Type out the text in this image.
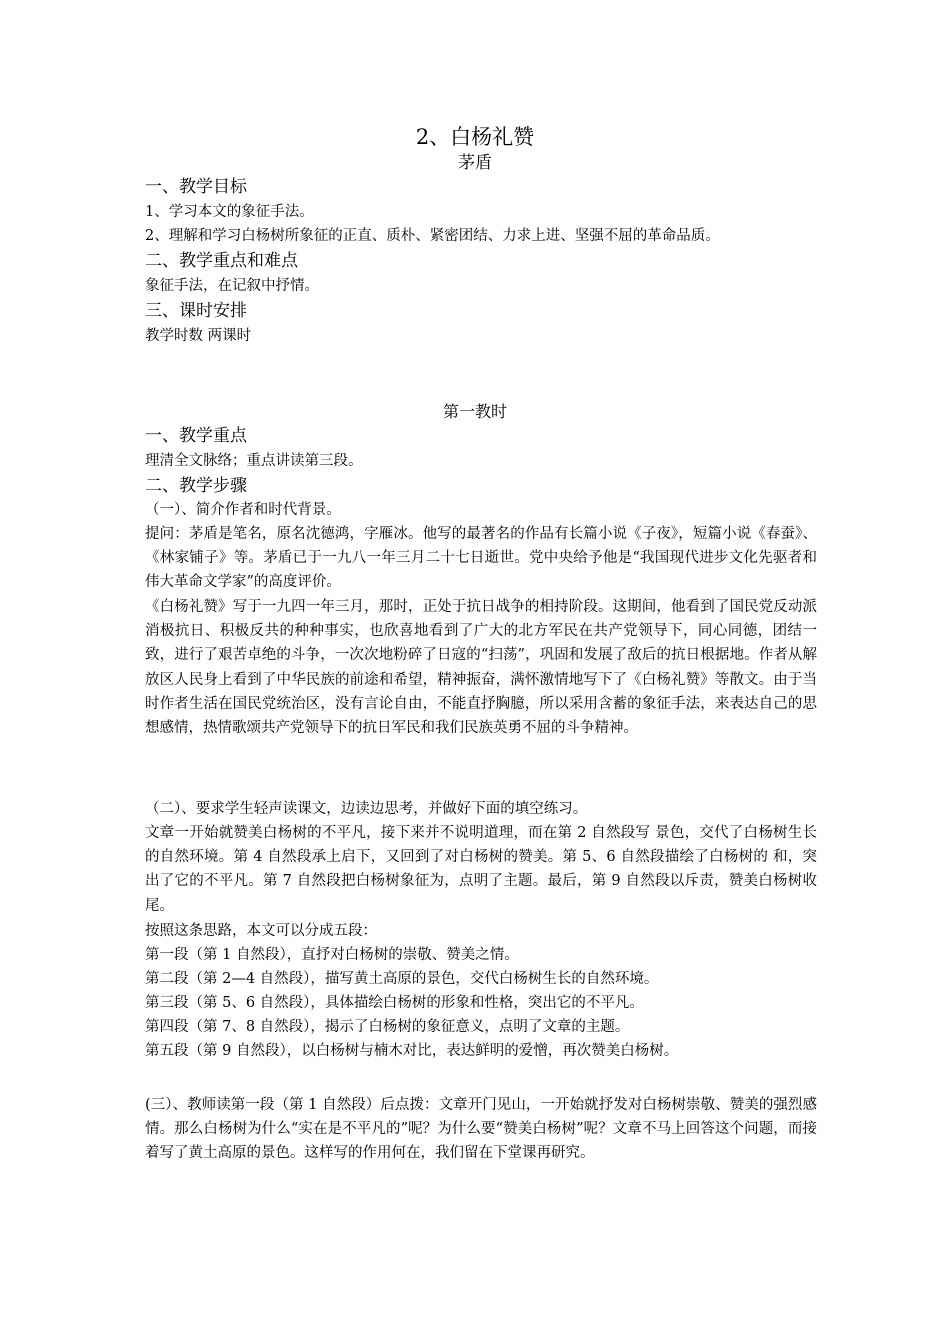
2、白杨礼赞
茅盾
一、教学目标
1、学习本文的象征手法。
2、理解和学习白杨树所象征的正直、质朴、紧密团结、力求上进、坚强不屈的革命品质。
二、教学重点和难点
象征手法，在记叙中抒情。
三、课时安排
教学时数 两课时
第一教时
一、教学重点
理清全文脉络；重点讲读第三段。
二、教学步骤
（一）、简介作者和时代背景。
提问：茅盾是笔名，原名沈德鸿，字雁冰。他写的最著名的作品有长篇小说《子夜》，短篇小说《春蚕》、《林家铺子》等。茅盾已于一九八一年三月二十七日逝世。党中央给予他是“我国现代进步文化先驱者和伟大革命文学家”的高度评价。
《白杨礼赞》写于一九四一年三月，那时，正处于抗日战争的相持阶段。这期间，他看到了国民党反动派消极抗日、积极反共的种种事实，也欣喜地看到了广大的北方军民在共产党领导下，同心同德，团结一致，进行了艰苦卓绝的斗争，一次次地粉碎了日寇的“扫荡”，巩固和发展了敌后的抗日根据地。作者从解放区人民身上看到了中华民族的前途和希望，精神振奋，满怀激情地写下了《白杨礼赞》等散文。由于当时作者生活在国民党统治区，没有言论自由，不能直抒胸臆，所以采用含蓄的象征手法，来表达自己的思想感情，热情歌颂共产党领导下的抗日军民和我们民族英勇不屈的斗争精神。
（二）、要求学生轻声读课文，边读边思考，并做好下面的填空练习。
文章一开始就赞美白杨树的不平凡，接下来并不说明道理，而在第 2 自然段写 景色，交代了白杨树生长的自然环境。第 4 自然段承上启下，又回到了对白杨树的赞美。第 5、6 自然段描绘了白杨树的 和，突出了它的不平凡。第 7 自然段把白杨树象征为，点明了主题。最后，第 9 自然段以斥责，赞美白杨树收尾。
按照这条思路，本文可以分成五段：
第一段（第 1 自然段），直抒对白杨树的崇敬、赞美之情。
第二段（第 2—4 自然段），描写黄土高原的景色，交代白杨树生长的自然环境。
第三段（第 5、6 自然段），具体描绘白杨树的形象和性格，突出它的不平凡。
第四段（第 7、8 自然段），揭示了白杨树的象征意义，点明了文章的主题。
第五段（第 9 自然段），以白杨树与楠木对比，表达鲜明的爱憎，再次赞美白杨树。
(三）、教师读第一段（第 1 自然段）后点拨：文章开门见山，一开始就抒发对白杨树崇敬、赞美的强烈感情。那么白杨树为什么“实在是不平凡的”呢？为什么要“赞美白杨树”呢？文章不马上回答这个问题，而接着写了黄土高原的景色。这样写的作用何在，我们留在下堂课再研究。
